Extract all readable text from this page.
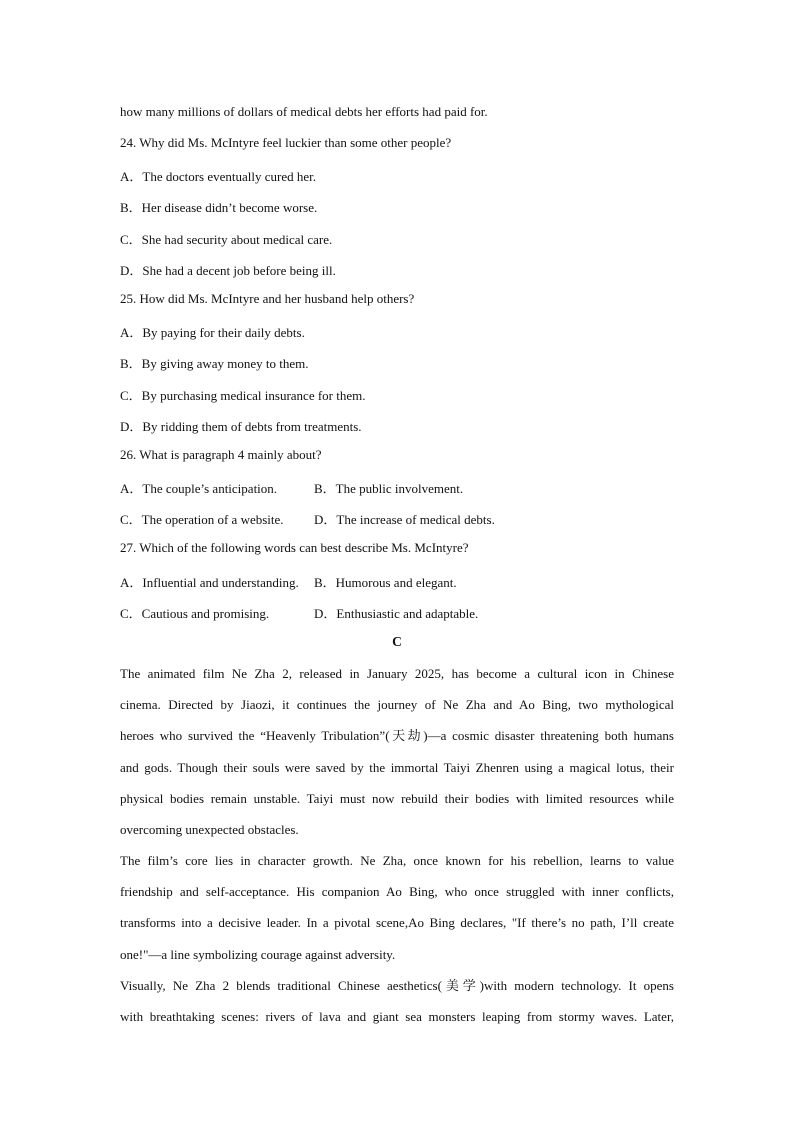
how many millions of dollars of medical debts her efforts had paid for.
24. Why did Ms. McIntyre feel luckier than some other people?
A．The doctors eventually cured her.
B．Her disease didn’t become worse.
C．She had security about medical care.
D．She had a decent job before being ill.
25. How did Ms. McIntyre and her husband help others?
A．By paying for their daily debts.
B．By giving away money to them.
C．By purchasing medical insurance for them.
D．By ridding them of debts from treatments.
26. What is paragraph 4 mainly about?
A．The couple’s anticipation.	B．The public involvement.
C．The operation of a website. D．The increase of medical debts.
27. Which of the following words can best describe Ms. McIntyre?
A．Influential and understanding. B．Humorous and elegant.
C．Cautious and promising.	D．Enthusiastic and adaptable.
C
The animated film Ne Zha 2, released in January 2025, has become a cultural icon in Chinese
cinema. Directed by Jiaozi, it continues the journey of Ne Zha and Ao Bing, two mythological
heroes who survived the “Heavenly Tribulation”(天劫)—a cosmic disaster threatening both humans
and gods. Though their souls were saved by the immortal Taiyi Zhenren using a magical lotus, their
physical bodies remain unstable. Taiyi must now rebuild their bodies with limited resources while
overcoming unexpected obstacles.
The film’s core lies in character growth. Ne Zha, once known for his rebellion, learns to value
friendship and self-acceptance. His companion Ao Bing, who once struggled with inner conflicts,
transforms into a decisive leader. In a pivotal scene,Ao Bing declares, "If there’s no path, I’ll create
one!"—a line symbolizing courage against adversity.
Visually, Ne Zha 2 blends traditional Chinese aesthetics(美学)with modern technology. It opens
with breathtaking scenes: rivers of lava and giant sea monsters leaping from stormy waves. Later,
